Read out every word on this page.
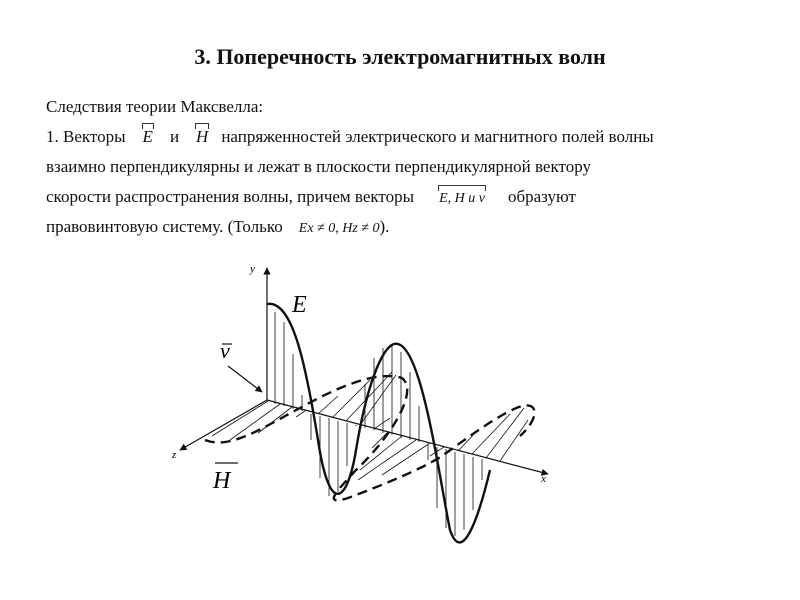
3. Поперечность электромагнитных волн
Следствия теории Максвелла:
1. Векторы E и H напряженностей электрического и магнитного полей волны
взаимно перпендикулярны и лежат в плоскости перпендикулярной вектору
скорости распространения волны, причем векторы E, H и v образуют
правовинтовую систему. (Только Ex ≠ 0, Hz ≠ 0).
y
x
z
E
v
H
